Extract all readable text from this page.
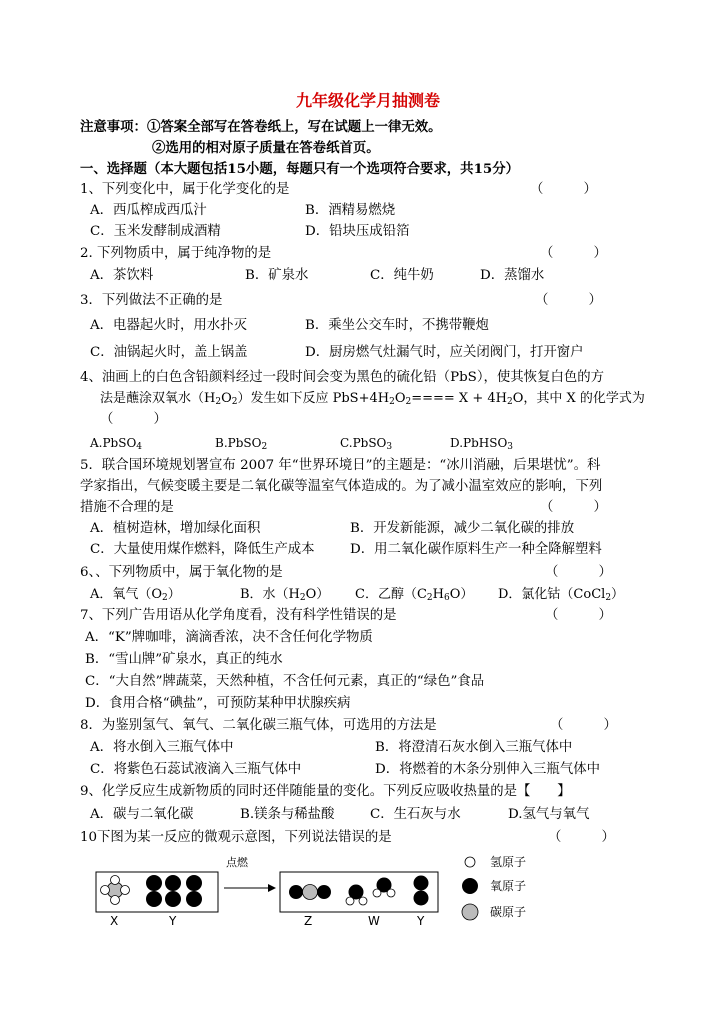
九年级化学月抽测卷
注意事项：①答案全部写在答卷纸上，写在试题上一律无效。
②选用的相对原子质量在答卷纸首页。
一、选择题（本大题包括15小题，每题只有一个选项符合要求，共15分）
1、下列变化中，属于化学变化的是	（　　　）
A．西瓜榨成西瓜汁	B．酒精易燃烧
C．玉米发酵制成酒精	D．铅块压成铅箔
2. 下列物质中，属于纯净物的是	（　　　）
A．茶饮料	B．矿泉水	C．纯牛奶	D．蒸馏水
3．下列做法不正确的是	（　　　）
A．电器起火时，用水扑灭	B．乘坐公交车时，不携带鞭炮
C．油锅起火时，盖上锅盖	D．厨房燃气灶漏气时，应关闭阀门，打开窗户
4、油画上的白色含铅颜料经过一段时间会变为黑色的硫化铅（PbS），使其恢复白色的方
法是蘸涂双氧水$(H_2O_2)$发生如下反应 $PbS+4H_2O_2==== X + 4H_2O$，其中 X 的化学式为
（　　　）
A.PbSO$_4$	B.PbSO$_2$	C.PbSO$_3$	D.PbHSO$_3$
5．联合国环境规划署宣布 2007 年“世界环境日”的主题是：“冰川消融，后果堪忧”。科
学家指出，气候变暖主要是二氧化碳等温室气体造成的。为了减小温室效应的影响，下列
措施不合理的是	（　　　）
A．植树造林，增加绿化面积	B．开发新能源，减少二氧化碳的排放
C．大量使用煤作燃料，降低生产成本	D．用二氧化碳作原料生产一种全降解塑料
6、、下列物质中，属于氧化物的是	（　　　）
A．氧气$(O_2)$	B．水$(H_2O)$ C．乙醇$(C_2H_6O)$ D．氯化钴（CoCl$_2$）
7、下列广告用语从化学角度看，没有科学性错误的是	（　　　）
A．“K”牌咖啡，滴滴香浓，决不含任何化学物质
B．“雪山牌”矿泉水，真正的纯水
C．“大自然”牌蔬菜，天然种植，不含任何元素，真正的“绿色”食品
D．食用合格“碘盐”，可预防某种甲状腺疾病
8．为鉴别氢气、氧气、二氧化碳三瓶气体，可选用的方法是	（　　　）
A．将水倒入三瓶气体中	B．将澄清石灰水倒入三瓶气体中
C．将紫色石蕊试液滴入三瓶气体中	D．将燃着的木条分别伸入三瓶气体中
9、化学反应生成新物质的同时还伴随能量的变化。下列反应吸收热量的是【　　】
A．碳与二氧化碳	B.镁条与稀盐酸	C．生石灰与水	D.氢气与氧气
10下图为某一反应的微观示意图，下列说法错误的是	（　　　）
X	Y
点燃
Z	W	Y
氢原子
氧原子
碳原子
